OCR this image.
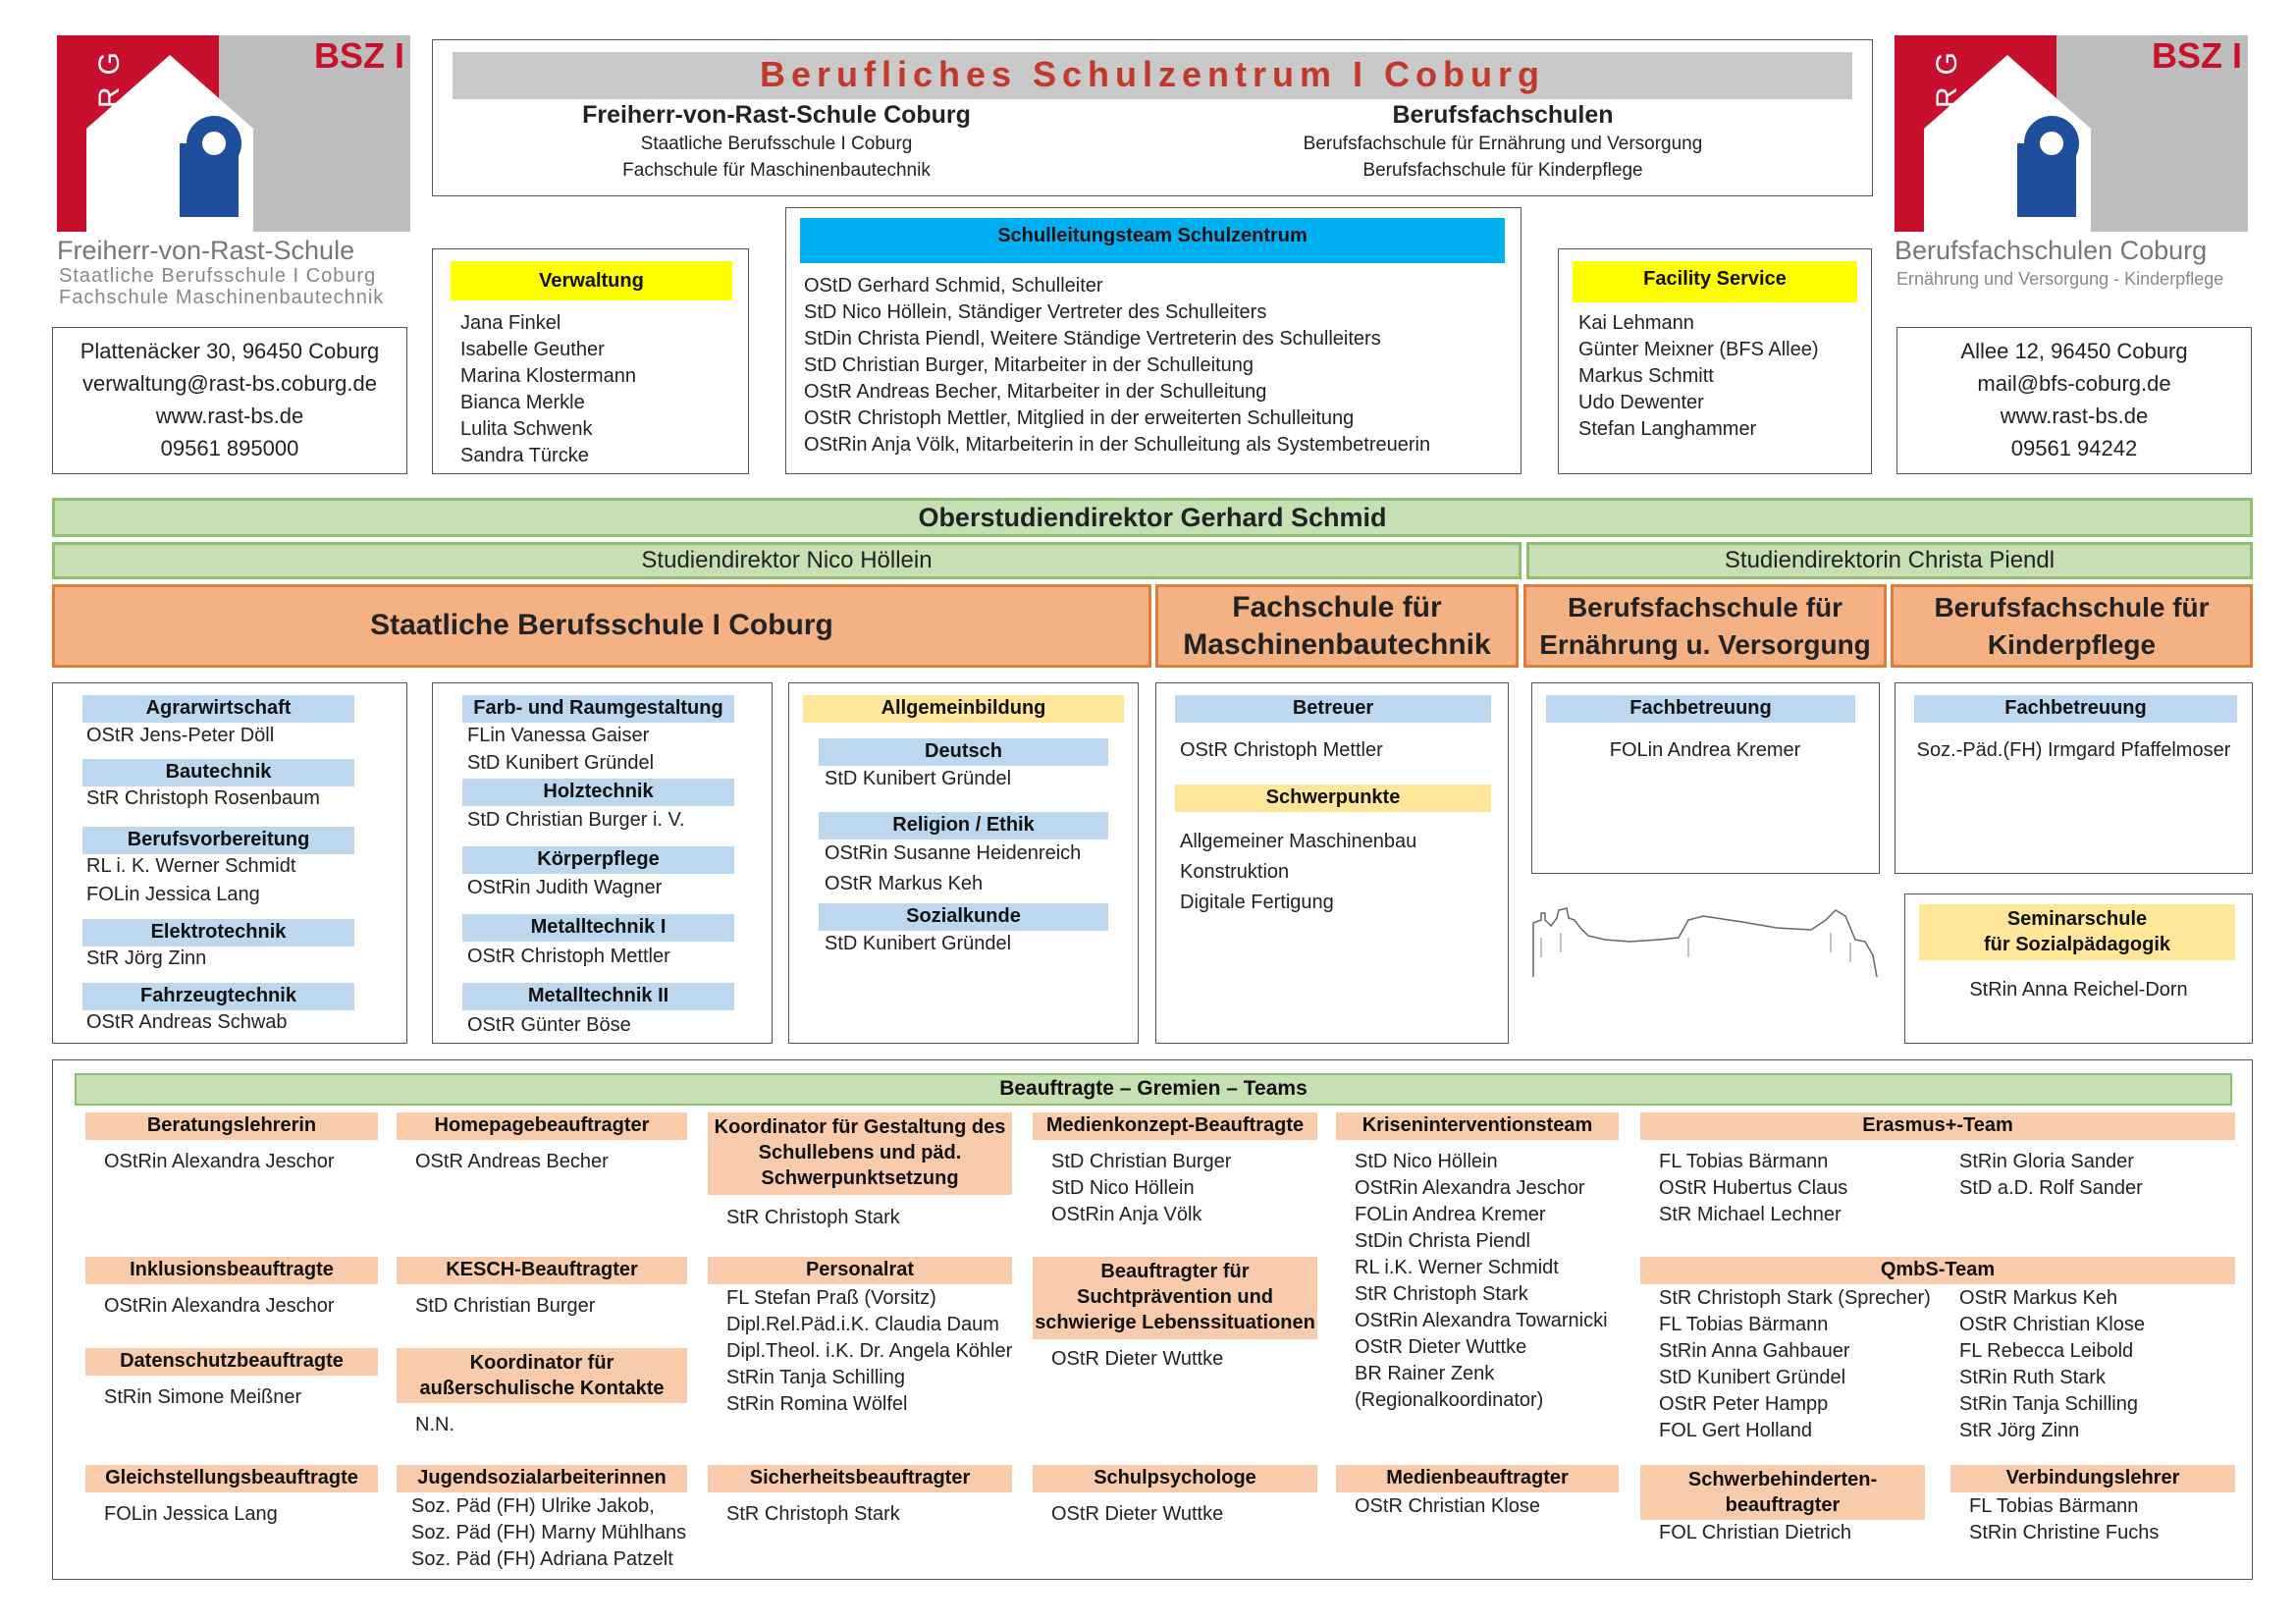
BSZ I
COBURG
Freiherr-von-Rast-Schule
Staatliche Berufsschule I Coburg
Fachschule Maschinenbautechnik
BSZ I
COBURG
Berufsfachschulen Coburg
Ernährung und Versorgung - Kinderpflege
Berufliches Schulzentrum I Coburg
Freiherr-von-Rast-Schule Coburg
Staatliche Berufsschule I Coburg
Fachschule für Maschinenbautechnik
Berufsfachschulen
Berufsfachschule für Ernährung und Versorgung
Berufsfachschule für Kinderpflege
Plattenäcker 30, 96450 Coburg
verwaltung@rast-bs.coburg.de
www.rast-bs.de
09561 895000
Allee 12, 96450 Coburg
mail@bfs-coburg.de
www.rast-bs.de
09561 94242
Verwaltung
Jana Finkel
Isabelle Geuther
Marina Klostermann
Bianca Merkle
Lulita Schwenk
Sandra Türcke
Schulleitungsteam Schulzentrum
OStD Gerhard Schmid, Schulleiter
StD Nico Höllein, Ständiger Vertreter des Schulleiters
StDin Christa Piendl, Weitere Ständige Vertreterin des Schulleiters
StD Christian Burger, Mitarbeiter in der Schulleitung
OStR Andreas Becher, Mitarbeiter in der Schulleitung
OStR Christoph Mettler, Mitglied in der erweiterten Schulleitung
OStRin Anja Völk, Mitarbeiterin in der Schulleitung als Systembetreuerin
Facility Service
Kai Lehmann
Günter Meixner (BFS Allee)
Markus Schmitt
Udo Dewenter
Stefan Langhammer
Oberstudiendirektor Gerhard Schmid
Studiendirektor Nico Höllein	Studiendirektorin Christa Piendl
Staatliche Berufsschule I Coburg
Fachschule für
Maschinenbautechnik
Berufsfachschule für
Ernährung u. Versorgung
Berufsfachschule für
Kinderpflege
Agrarwirtschaft
OStR Jens-Peter Döll
Bautechnik
StR Christoph Rosenbaum
Berufsvorbereitung
RL i. K. Werner Schmidt
FOLin Jessica Lang
Elektrotechnik
StR Jörg Zinn
Fahrzeugtechnik
OStR Andreas Schwab
Farb- und Raumgestaltung
FLin Vanessa Gaiser
StD Kunibert Gründel
Holztechnik
StD Christian Burger i. V.
Körperpflege
OStRin Judith Wagner
Metalltechnik I
OStR Christoph Mettler
Metalltechnik II
OStR Günter Böse
Allgemeinbildung
Deutsch
StD Kunibert Gründel
Religion / Ethik
OStRin Susanne Heidenreich
OStR Markus Keh
Sozialkunde
StD Kunibert Gründel
Betreuer
OStR Christoph Mettler
Schwerpunkte
Allgemeiner Maschinenbau
Konstruktion
Digitale Fertigung
Fachbetreuung
FOLin Andrea Kremer
Fachbetreuung
Soz.-Päd.(FH) Irmgard Pfaffelmoser
Seminarschule
für Sozialpädagogik
StRin Anna Reichel-Dorn
Beauftragte – Gremien – Teams
Beratungslehrerin
OStRin Alexandra Jeschor
Homepagebeauftragter
OStR Andreas Becher
Koordinator für Gestaltung des
Schullebens und päd.
Schwerpunktsetzung
StR Christoph Stark
Medienkonzept-Beauftragte
StD Christian Burger
StD Nico Höllein
OStRin Anja Völk
Kriseninterventionsteam
StD Nico Höllein
OStRin Alexandra Jeschor
FOLin Andrea Kremer
StDin Christa Piendl
RL i.K. Werner Schmidt
StR Christoph Stark
OStRin Alexandra Towarnicki
OStR Dieter Wuttke
BR Rainer Zenk
(Regionalkoordinator)
Erasmus+-Team
FL Tobias Bärmann
OStR Hubertus Claus
StR Michael Lechner
StRin Gloria Sander
StD a.D. Rolf Sander
Inklusionsbeauftragte
OStRin Alexandra Jeschor
KESCH-Beauftragter
StD Christian Burger
Personalrat
FL Stefan Praß (Vorsitz)
Dipl.Rel.Päd.i.K. Claudia Daum
Dipl.Theol. i.K. Dr. Angela Köhler
StRin Tanja Schilling
StRin Romina Wölfel
Beauftragter für
Suchtprävention und
schwierige Lebenssituationen
OStR Dieter Wuttke
QmbS-Team
StR Christoph Stark (Sprecher)
FL Tobias Bärmann
StRin Anna Gahbauer
StD Kunibert Gründel
OStR Peter Hampp
FOL Gert Holland
OStR Markus Keh
OStR Christian Klose
FL Rebecca Leibold
StRin Ruth Stark
StRin Tanja Schilling
StR Jörg Zinn
Datenschutzbeauftragte
StRin Simone Meißner
Koordinator für
außerschulische Kontakte
N.N.
Gleichstellungsbeauftragte
FOLin Jessica Lang
Jugendsozialarbeiterinnen
Soz. Päd (FH) Ulrike Jakob,
Soz. Päd (FH) Marny Mühlhans
Soz. Päd (FH) Adriana Patzelt
Sicherheitsbeauftragter
StR Christoph Stark
Schulpsychologe
OStR Dieter Wuttke
Medienbeauftragter
OStR Christian Klose
Schwerbehinderten-
beauftragter
FOL Christian Dietrich
Verbindungslehrer
FL Tobias Bärmann
StRin Christine Fuchs
